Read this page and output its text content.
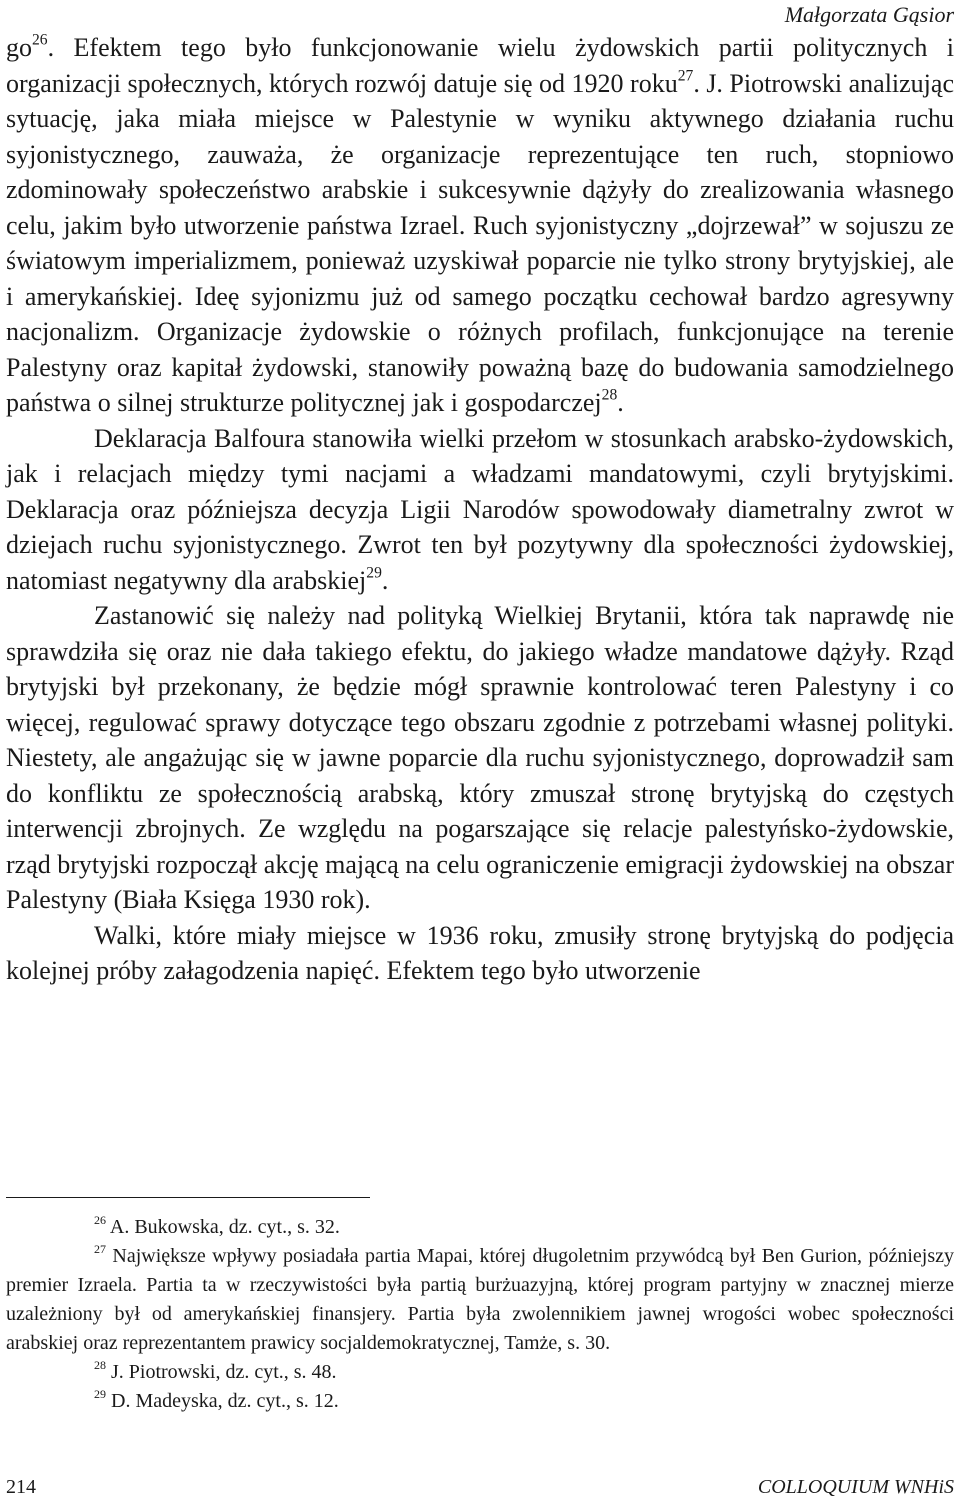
Małgorzata Gąsior

$go^{26}$. Efektem tego było funkcjonowanie wielu żydowskich partii politycznych i organizacji społecznych, których rozwój datuje się od 1920 roku$^{27}$. J. Piotrowski analizując sytuację, jaka miała miejsce w Palestynie w wyniku aktywnego działania ruchu syjonistycznego, zauważa, że organizacje reprezentujące ten ruch, stopniowo zdominowały społeczeństwo arabskie i sukcesywnie dążyły do zrealizowania własnego celu, jakim było utworzenie państwa Izrael. Ruch syjonistyczny „dojrzewał” w sojuszu ze światowym imperializmem, ponieważ uzyskiwał poparcie nie tylko strony brytyjskiej, ale i amerykańskiej. Ideę syjonizmu już od samego początku cechował bardzo agresywny nacjonalizm. Organizacje żydowskie o różnych profilach, funkcjonujące na terenie Palestyny oraz kapitał żydowski, stanowiły poważną bazę do budowania samodzielnego państwa o silnej strukturze politycznej jak i gospodarczej$^{28}$.

Deklaracja Balfoura stanowiła wielki przełom w stosunkach arabsko-żydowskich, jak i relacjach między tymi nacjami a władzami mandatowymi, czyli brytyjskimi. Deklaracja oraz późniejsza decyzja Ligii Narodów spowodowały diametralny zwrot w dziejach ruchu syjonistycznego. Zwrot ten był pozytywny dla społeczności żydowskiej, natomiast negatywny dla arabskiej$^{29}$.

Zastanowić się należy nad polityką Wielkiej Brytanii, która tak naprawdę nie sprawdziła się oraz nie dała takiego efektu, do jakiego władze mandatowe dążyły. Rząd brytyjski był przekonany, że będzie mógł sprawnie kontrolować teren Palestyny i co więcej, regulować sprawy dotyczące tego obszaru zgodnie z potrzebami własnej polityki. Niestety, ale angażując się w jawne poparcie dla ruchu syjonistycznego, doprowadził sam do konfliktu ze społecznością arabską, który zmuszał stronę brytyjską do częstych interwencji zbrojnych. Ze względu na pogarszające się relacje palestyńsko-żydowskie, rząd brytyjski rozpoczął akcję mającą na celu ograniczenie emigracji żydowskiej na obszar Palestyny (Biała Księga 1930 rok).

Walki, które miały miejsce w 1936 roku, zmusiły stronę brytyjską do podjęcia kolejnej próby załagodzenia napięć. Efektem tego było utworzenie

$^{26}$ A. Bukowska, dz. cyt., s. 32.

$^{27}$ Największe wpływy posiadała partia Mapai, której długoletnim przywódcą był Ben Gurion, późniejszy premier Izraela. Partia ta w rzeczywistości była partią burżuazyjną, której program partyjny w znacznej mierze uzależniony był od amerykańskiej finansjery. Partia była zwolennikiem jawnej wrogości wobec społeczności arabskiej oraz reprezentantem prawicy socjaldemokratycznej, Tamże, s. 30.

$^{28}$ J. Piotrowski, dz. cyt., s. 48.

$^{29}$ D. Madeyska, dz. cyt., s. 12.

214	COLLOQUIUM WNHiS
